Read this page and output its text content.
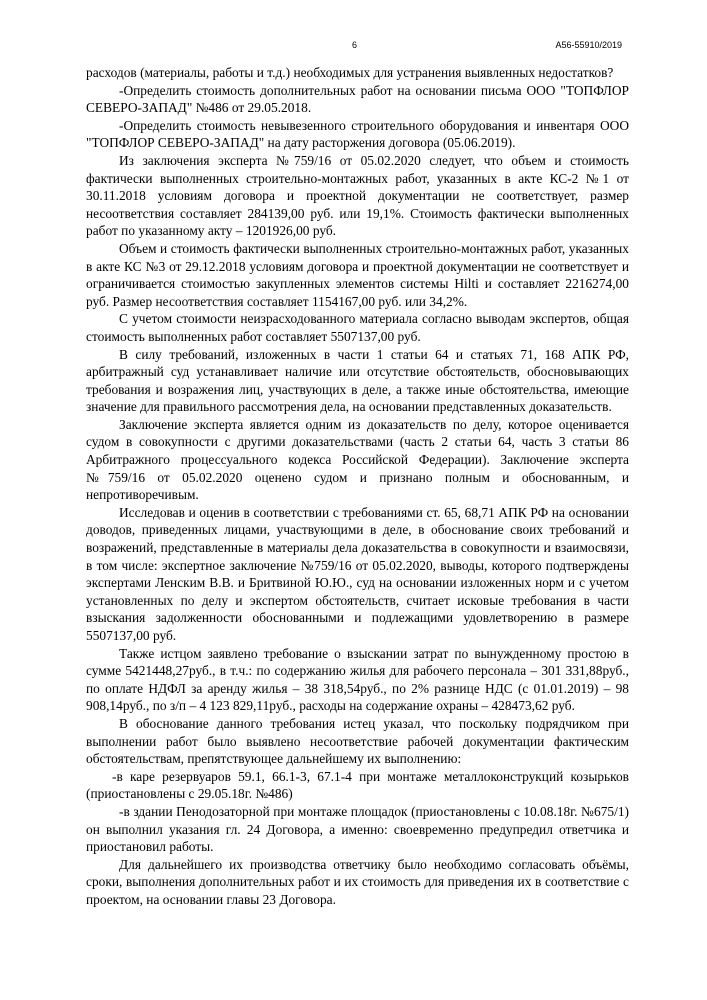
6	А56-55910/2019

расходов (материалы, работы и т.д.) необходимых для устранения выявленных недостатков?

-Определить стоимость дополнительных работ на основании письма ООО "ТОПФЛОР СЕВЕРО-ЗАПАД" №486 от 29.05.2018.

-Определить стоимость невывезенного строительного оборудования и инвентаря ООО "ТОПФЛОР СЕВЕРО-ЗАПАД" на дату расторжения договора (05.06.2019).

Из заключения эксперта №759/16 от 05.02.2020 следует, что объем и стоимость фактически выполненных строительно-монтажных работ, указанных в акте КС-2 №1 от 30.11.2018 условиям договора и проектной документации не соответствует, размер несоответствия составляет 284139,00 руб. или 19,1%. Стоимость фактически выполненных работ по указанному акту – 1201926,00 руб.

Объем и стоимость фактически выполненных строительно-монтажных работ, указанных в акте КС №3 от 29.12.2018 условиям договора и проектной документации не соответствует и ограничивается стоимостью закупленных элементов системы Hilti и составляет 2216274,00 руб. Размер несоответствия составляет 1154167,00 руб. или 34,2%.

С учетом стоимости неизрасходованного материала согласно выводам экспертов, общая стоимость выполненных работ составляет 5507137,00 руб.

В силу требований, изложенных в части 1 статьи 64 и статьях 71, 168 АПК РФ, арбитражный суд устанавливает наличие или отсутствие обстоятельств, обосновывающих требования и возражения лиц, участвующих в деле, а также иные обстоятельства, имеющие значение для правильного рассмотрения дела, на основании представленных доказательств.

Заключение эксперта является одним из доказательств по делу, которое оценивается судом в совокупности с другими доказательствами (часть 2 статьи 64, часть 3 статьи 86 Арбитражного процессуального кодекса Российской Федерации). Заключение эксперта №759/16 от 05.02.2020 оценено судом и признано полным и обоснованным, и непротиворечивым.

Исследовав и оценив в соответствии с требованиями ст. 65, 68,71 АПК РФ на основании доводов, приведенных лицами, участвующими в деле, в обоснование своих требований и возражений, представленные в материалы дела доказательства в совокупности и взаимосвязи, в том числе: экспертное заключение №759/16 от 05.02.2020, выводы, которого подтверждены экспертами Ленским В.В. и Бритвиной Ю.Ю., суд на основании изложенных норм и с учетом установленных по делу и экспертом обстоятельств, считает исковые требования в части взыскания задолженности обоснованными и подлежащими удовлетворению в размере 5507137,00 руб.

Также истцом заявлено требование о взыскании затрат по вынужденному простою в сумме 5421448,27руб., в т.ч.: по содержанию жилья для рабочего персонала – 301 331,88руб., по оплате НДФЛ за аренду жилья – 38 318,54руб., по 2% разнице НДС (с 01.01.2019) – 98 908,14руб., по з/п – 4 123 829,11руб., расходы на содержание охраны – 428473,62 руб.

В обоснование данного требования истец указал, что поскольку подрядчиком при выполнении работ было выявлено несоответствие рабочей документации фактическим обстоятельствам, препятствующее дальнейшему их выполнению:

-в каре резервуаров 59.1, 66.1-3, 67.1-4 при монтаже металлоконструкций козырьков (приостановлены с 29.05.18г. №486)

-в здании Пенодозаторной при монтаже площадок (приостановлены с 10.08.18г. №675/1) он выполнил указания гл. 24 Договора, а именно: своевременно предупредил ответчика и приостановил работы.

Для дальнейшего их производства ответчику было необходимо согласовать объёмы, сроки, выполнения дополнительных работ и их стоимость для приведения их в соответствие с проектом, на основании главы 23 Договора.
